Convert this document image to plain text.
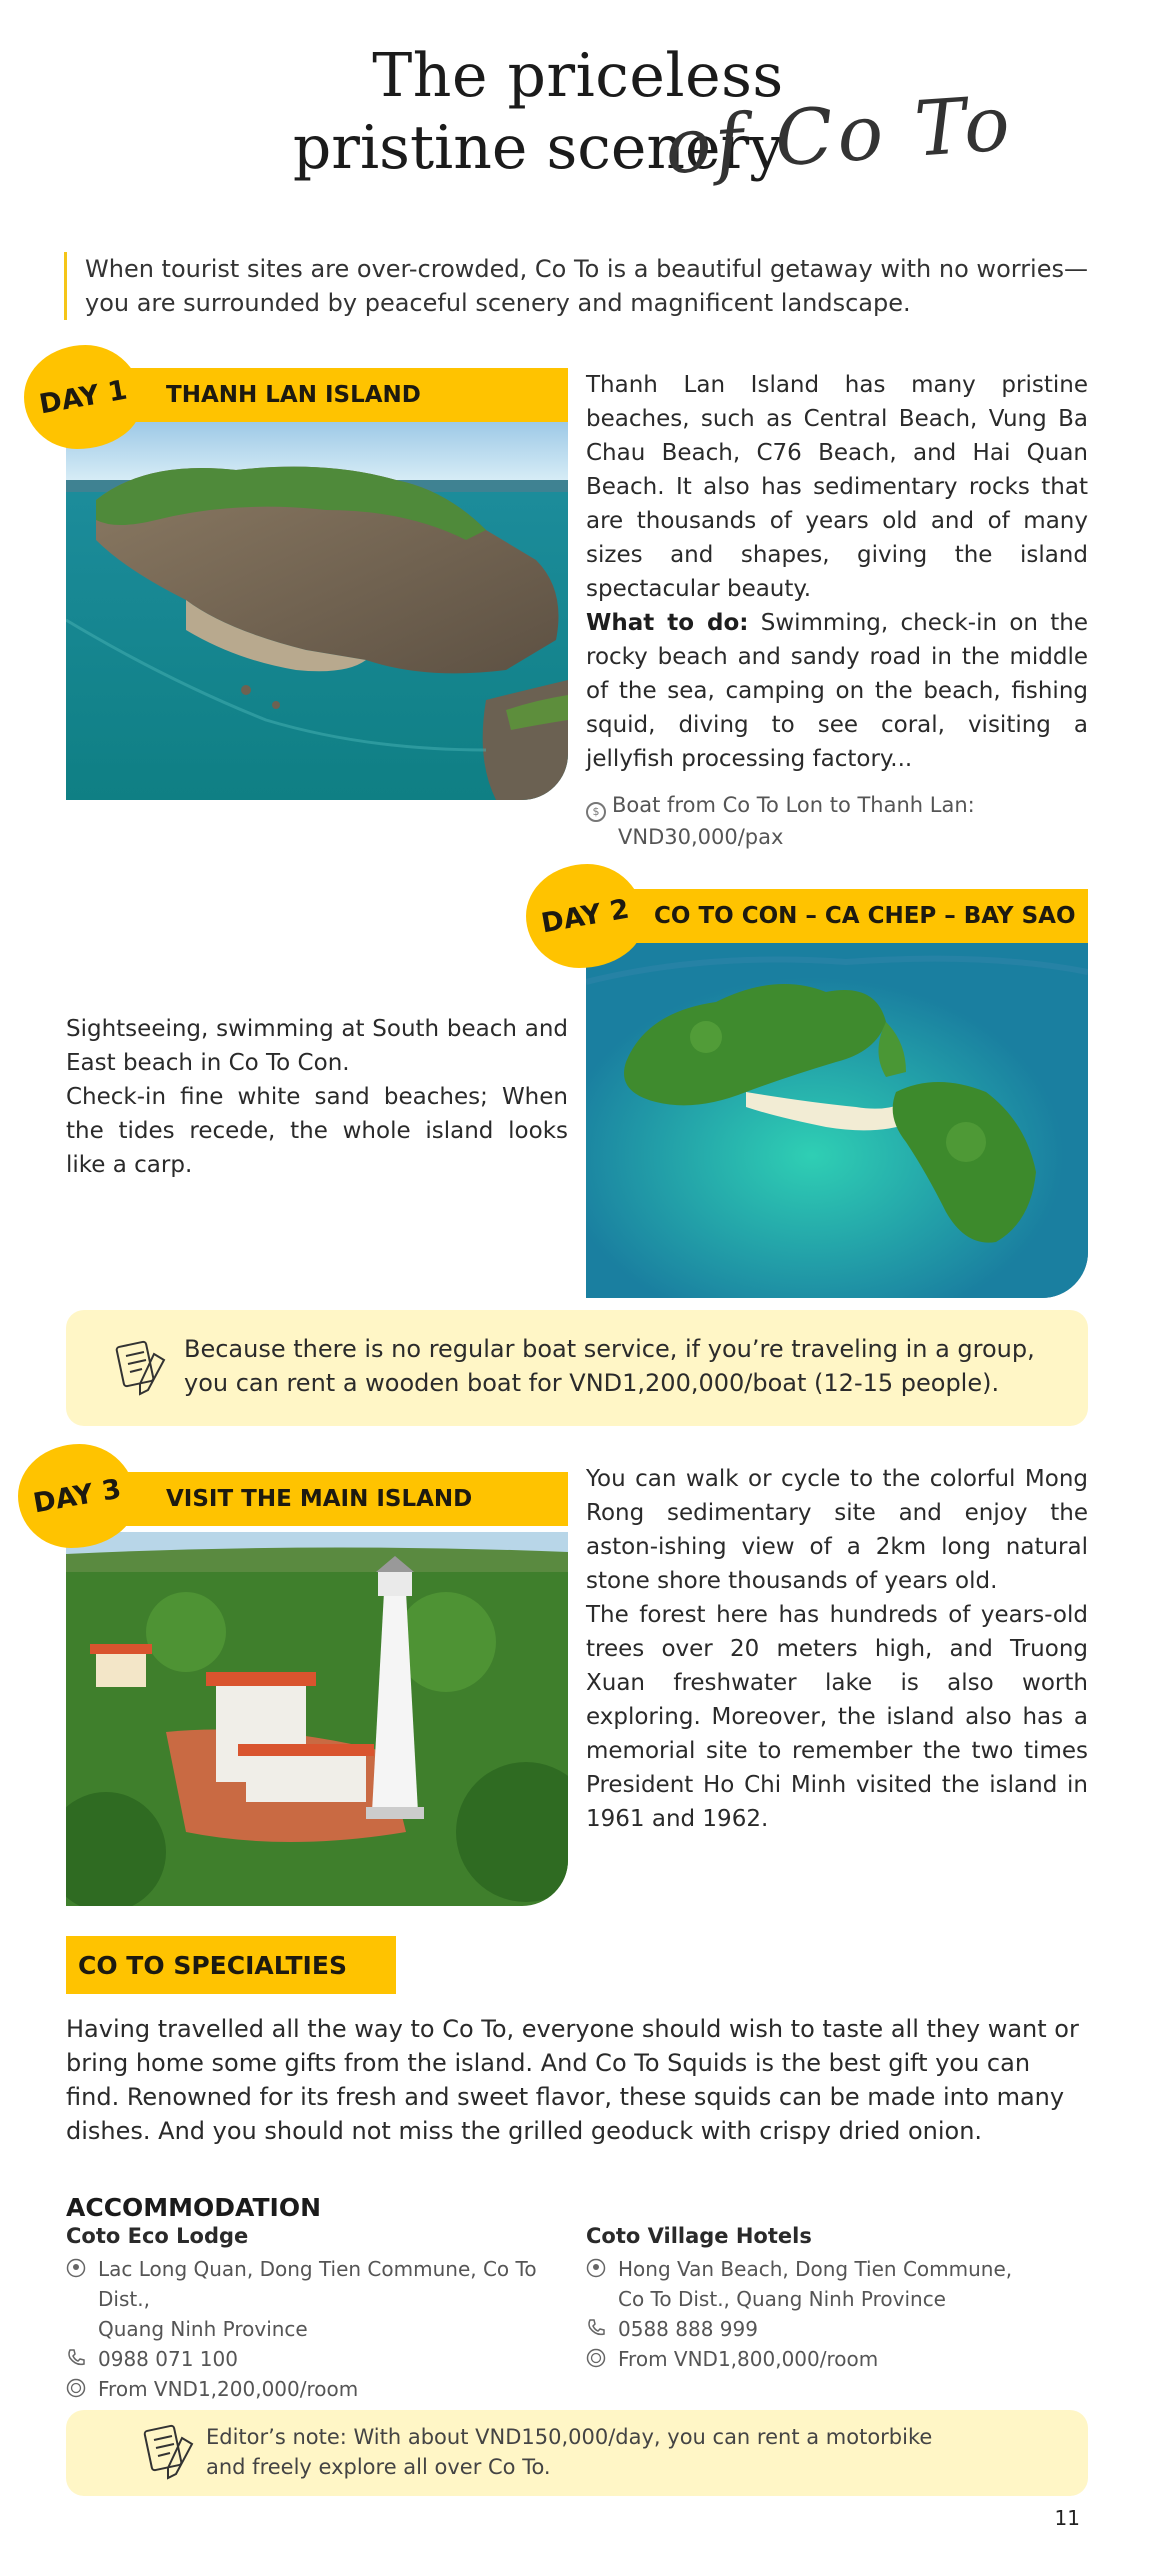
The priceless
pristine scenery
of Co To
When tourist sites are over-crowded, Co To is a beautiful getaway with no worries—you are surrounded by peaceful scenery and magnificent landscape.
THANH LAN ISLAND
DAY 1	Thanh Lan Island has many pristine beaches, such as Central Beach, Vung Ba Chau Beach, C76 Beach, and Hai Quan Beach. It also has sedimentary rocks that are thousands of years old and of many sizes and shapes, giving the island spectacular beauty.
What to do: Swimming, check-in on the rocky beach and sandy road in the middle of the sea, camping on the beach, fishing squid, diving to see coral, visiting a jellyfish processing factory...
$ Boat from Co To Lon to Thanh Lan:
VND30,000/pax
CO TO CON – CA CHEP – BAY SAO
DAY 2
Sightseeing, swimming at South beach and East beach in Co To Con.
Check-in fine white sand beaches; When the tides recede, the whole island looks like a carp.
Because there is no regular boat service, if you’re traveling in a group,
you can rent a wooden boat for VND1,200,000/boat (12-15 people).
VISIT THE MAIN ISLAND
DAY 3	You can walk or cycle to the colorful Mong Rong sedimentary site and enjoy the aston-ishing view of a 2km long natural stone shore thousands of years old.
The forest here has hundreds of years-old trees over 20 meters high, and Truong Xuan freshwater lake is also worth exploring. Moreover, the island also has a memorial site to remember the two times President Ho Chi Minh visited the island in 1961 and 1962.
CO TO SPECIALTIES
Having travelled all the way to Co To, everyone should wish to taste all they want or bring home some gifts from the island. And Co To Squids is the best gift you can find. Renowned for its fresh and sweet flavor, these squids can be made into many dishes. And you should not miss the grilled geoduck with crispy dried onion.
ACCOMMODATION
Coto Eco Lodge
Lac Long Quan, Dong Tien Commune, Co To Dist.,
Quang Ninh Province
0988 071 100
From VND1,200,000/room
Coto Village Hotels
Hong Van Beach, Dong Tien Commune,
Co To Dist., Quang Ninh Province
0588 888 999
From VND1,800,000/room
Editor’s note: With about VND150,000/day, you can rent a motorbike
and freely explore all over Co To.
11
